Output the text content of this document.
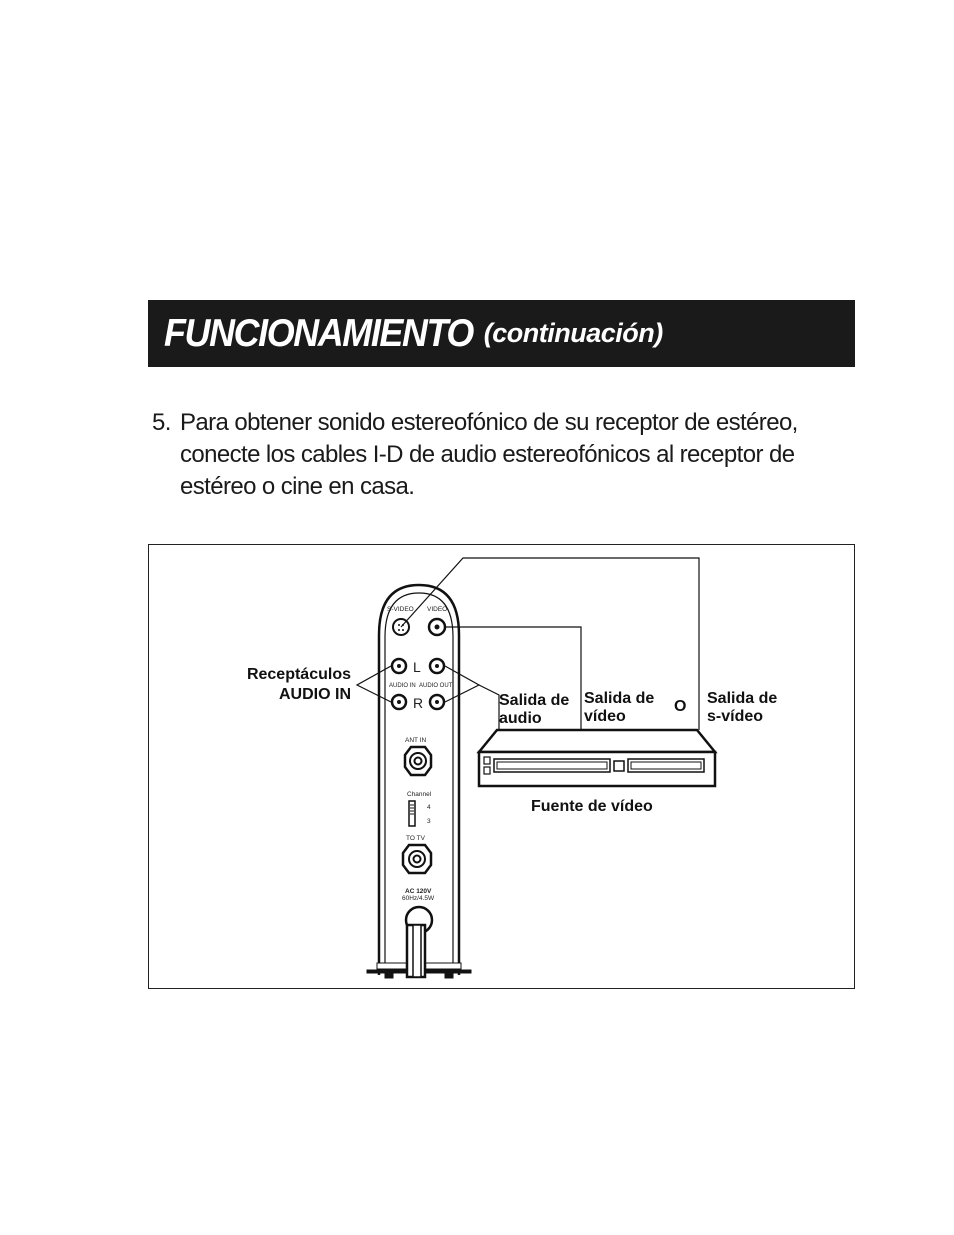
FUNCIONAMIENTO (continuación)
5. Para obtener sonido estereofónico de su receptor de estéreo, conecte los cables I-D de audio estereofónicos al receptor de estéreo o cine en casa.
S-VIDEO VIDEO
L
R
AUDIO IN AUDIO OUT
ANT IN
Channel
4
3
TO TV
AC 120V
60Hz/4.5W
Receptáculos
AUDIO IN	Salida de
audio
Salida de
vídeo
O Salida de
s-vídeo
Fuente de vídeo
